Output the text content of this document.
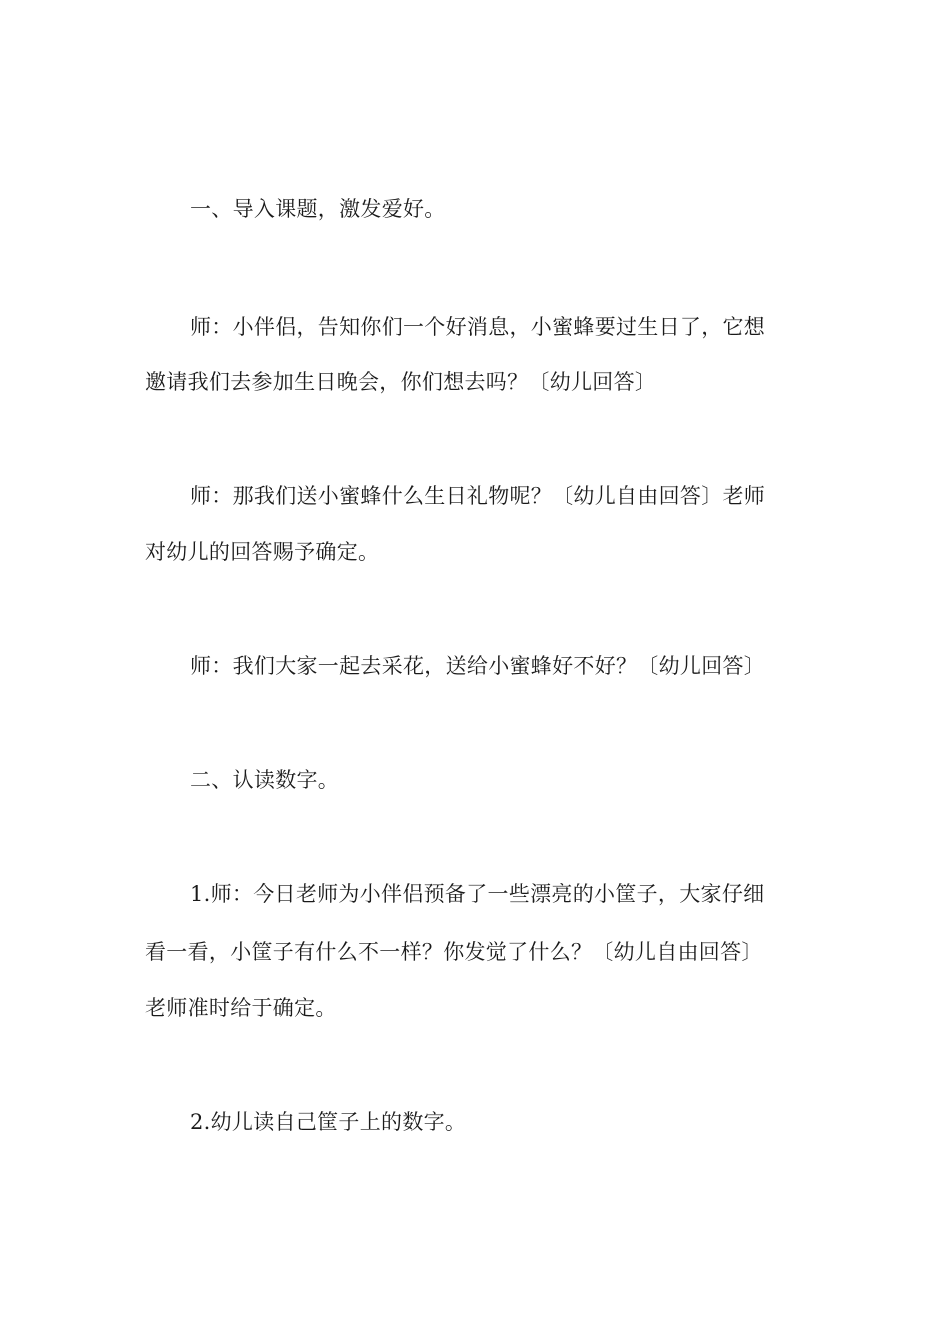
一、导入课题，激发爱好。
师：小伴侣，告知你们一个好消息，小蜜蜂要过生日了，它想
邀请我们去参加生日晚会，你们想去吗？〔幼儿回答〕
师：那我们送小蜜蜂什么生日礼物呢？〔幼儿自由回答〕老师
对幼儿的回答赐予确定。
师：我们大家一起去采花，送给小蜜蜂好不好？〔幼儿回答〕
二、认读数字。
1.师：今日老师为小伴侣预备了一些漂亮的小筐子，大家仔细
看一看，小筐子有什么不一样？你发觉了什么？〔幼儿自由回答〕
老师准时给于确定。
2.幼儿读自己筐子上的数字。
